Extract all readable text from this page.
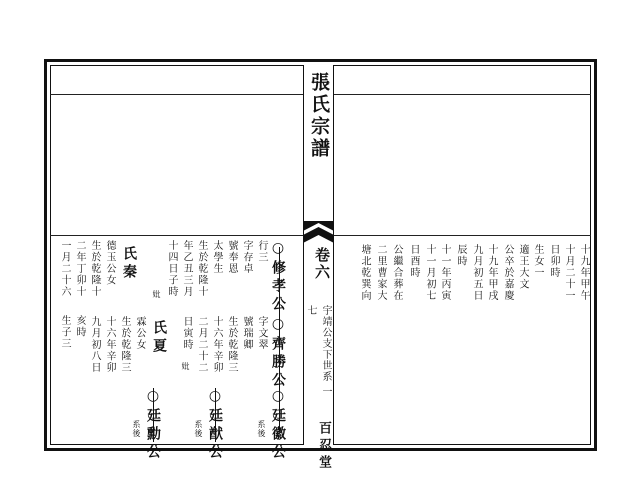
張氏宗譜
卷六
宇靖公支下世系 一七
百忍堂
十九年甲午
十月二十一
日卯時
生女一
適王大文
公卒於嘉慶
十九年甲戌
九月初五日
辰時
十一年丙寅
十一月初七
日酉時
公繼合葬在
二里曹家大
塘北乾巽向
○修孝公
行三
字存卓
號奉恩
太學生
生於乾隆十
年乙丑三月
十四日子時
妣
氏秦
德玉公女
生於乾隆十
二年丁卯十
一月二十六
亥時
生子三	○齊勝公
字文翠
號瑞卿
生於乾隆三
十六年辛卯
二月二十二
日寅時
妣
氏夏
霖公女
生於乾隆三
十六年辛卯
九月初八日
○廷徽公
系後
○廷猷公
系後
○廷勳公
系後
